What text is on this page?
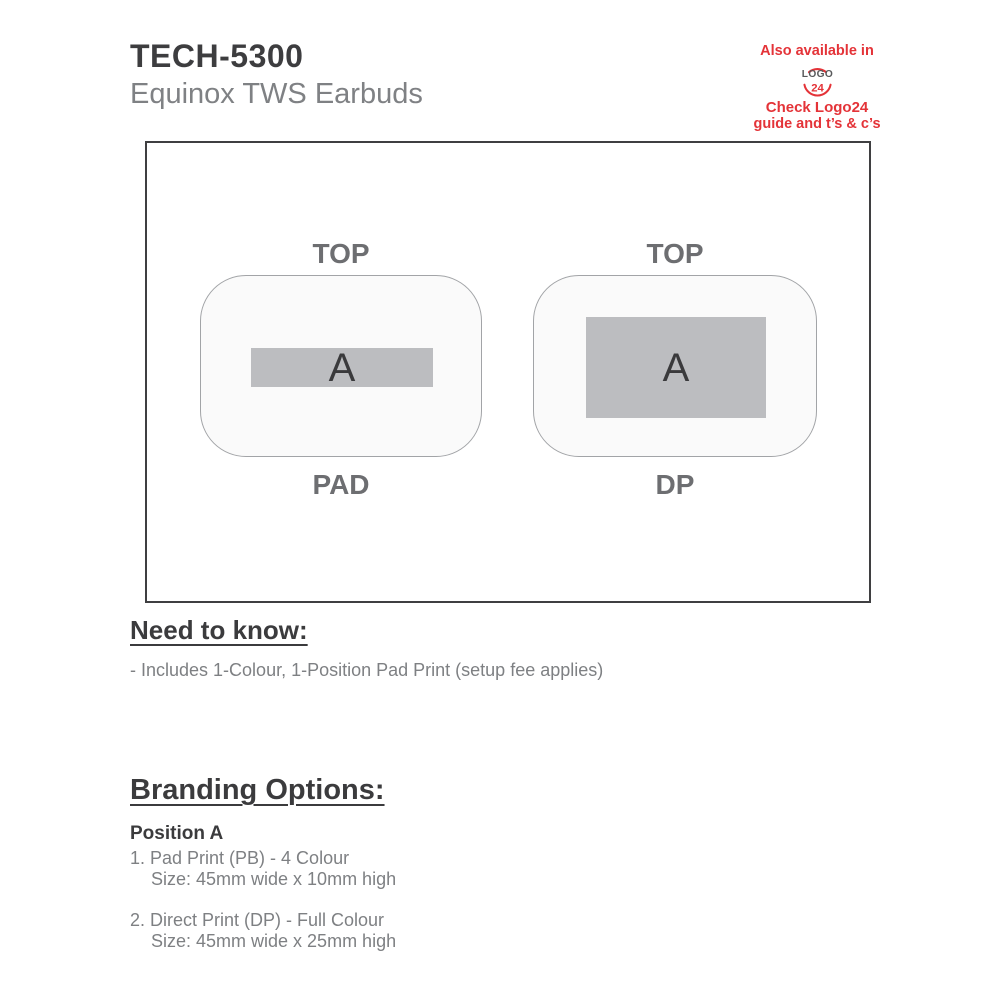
TECH-5300
Equinox TWS Earbuds
Also available in
LOGO
24
Check Logo24
guide and t’s & c’s
TOP
A
PAD
TOP
A
DP
Need to know:
- Includes 1-Colour, 1-Position Pad Print (setup fee applies)
Branding Options:
Position A
1. Pad Print (PB) - 4 Colour
Size: 45mm wide x 10mm high
2. Direct Print (DP) - Full Colour
Size: 45mm wide x 25mm high
